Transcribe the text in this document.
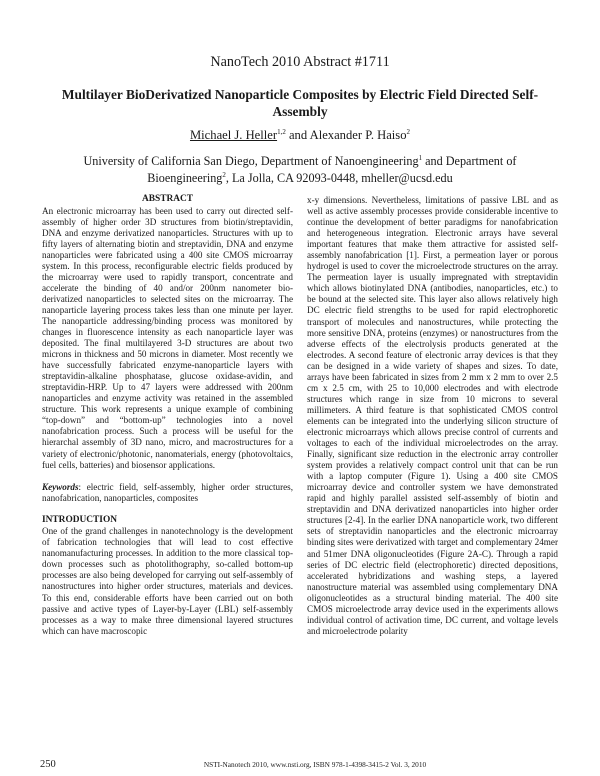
NanoTech 2010 Abstract #1711
Multilayer BioDerivatized Nanoparticle Composites by Electric Field Directed Self-Assembly
Michael J. Heller$^{1,2}$ and Alexander P. Haiso$^2$
University of California San Diego, Department of Nanoengineering$^1$ and Department of Bioengineering$^2$, La Jolla, CA 92093-0448, mheller@ucsd.edu
ABSTRACT

An electronic microarray has been used to carry out directed self-assembly of higher order 3D structures from biotin/streptavidin, DNA and enzyme derivatized nanoparticles. Structures with up to fifty layers of alternating biotin and streptavidin, DNA and enzyme nanoparticles were fabricated using a 400 site CMOS microarray system. In this process, reconfigurable electric fields produced by the microarray were used to rapidly transport, concentrate and accelerate the binding of 40 and/or 200nm nanometer bio-derivatized nanoparticles to selected sites on the microarray. The nanoparticle layering process takes less than one minute per layer. The nanoparticle addressing/binding process was monitored by changes in fluorescence intensity as each nanoparticle layer was deposited. The final multilayered 3-D structures are about two microns in thickness and 50 microns in diameter. Most recently we have successfully fabricated enzyme-nanoparticle layers with streptavidin-alkaline phosphatase, glucose oxidase-avidin, and streptavidin-HRP. Up to 47 layers were addressed with 200nm nanoparticles and enzyme activity was retained in the assembled structure. This work represents a unique example of combining “top-down” and “bottom-up” technologies into a novel nanofabrication process. Such a process will be useful for the hierarchal assembly of 3D nano, micro, and macrostructures for a variety of electronic/photonic, nanomaterials, energy (photovoltaics, fuel cells, batteries) and biosensor applications.

Keywords: electric field, self-assembly, higher order structures, nanofabrication, nanoparticles, composites

INTRODUCTION

One of the grand challenges in nanotechnology is the development of fabrication technologies that will lead to cost effective nanomanufacturing processes. In addition to the more classical top-down processes such as photolithography, so-called bottom-up processes are also being developed for carrying out self-assembly of nanostructures into higher order structures, materials and devices. To this end, considerable efforts have been carried out on both passive and active types of Layer-by-Layer (LBL) self-assembly processes as a way to make three dimensional layered structures which can have macroscopic

x-y dimensions. Nevertheless, limitations of passive LBL and as well as active assembly processes provide considerable incentive to continue the development of better paradigms for nanofabrication and heterogeneous integration. Electronic arrays have several important features that make them attractive for assisted self-assembly nanofabrication [1]. First, a permeation layer or porous hydrogel is used to cover the microelectrode structures on the array. The permeation layer is usually impregnated with streptavidin which allows biotinylated DNA (antibodies, nanoparticles, etc.) to be bound at the selected site. This layer also allows relatively high DC electric field strengths to be used for rapid electrophoretic transport of molecules and nanostructures, while protecting the more sensitive DNA, proteins (enzymes) or nanostructures from the adverse effects of the electrolysis products generated at the electrodes. A second feature of electronic array devices is that they can be designed in a wide variety of shapes and sizes. To date, arrays have been fabricated in sizes from 2 mm x 2 mm to over 2.5 cm x 2.5 cm, with 25 to 10,000 electrodes and with electrode structures which range in size from 10 microns to several millimeters. A third feature is that sophisticated CMOS control elements can be integrated into the underlying silicon structure of electronic microarrays which allows precise control of currents and voltages to each of the individual microelectrodes on the array. Finally, significant size reduction in the electronic array controller system provides a relatively compact control unit that can be run with a laptop computer (Figure 1). Using a 400 site CMOS microarray device and controller system we have demonstrated rapid and highly parallel assisted self-assembly of biotin and streptavidin and DNA derivatized nanoparticles into higher order structures [2-4]. In the earlier DNA nanoparticle work, two different sets of streptavidin nanoparticles and the electronic microarray binding sites were derivatized with target and complementary 24mer and 51mer DNA oligonucleotides (Figure 2A-C). Through a rapid series of DC electric field (electrophoretic) directed depositions, accelerated hybridizations and washing steps, a layered nanostructure material was assembled using complementary DNA oligonucleotides as a structural binding material. The 400 site CMOS microelectrode array device used in the experiments allows individual control of activation time, DC current, and voltage levels and microelectrode polarity

250	NSTI-Nanotech 2010, www.nsti.org, ISBN 978-1-4398-3415-2 Vol. 3, 2010
